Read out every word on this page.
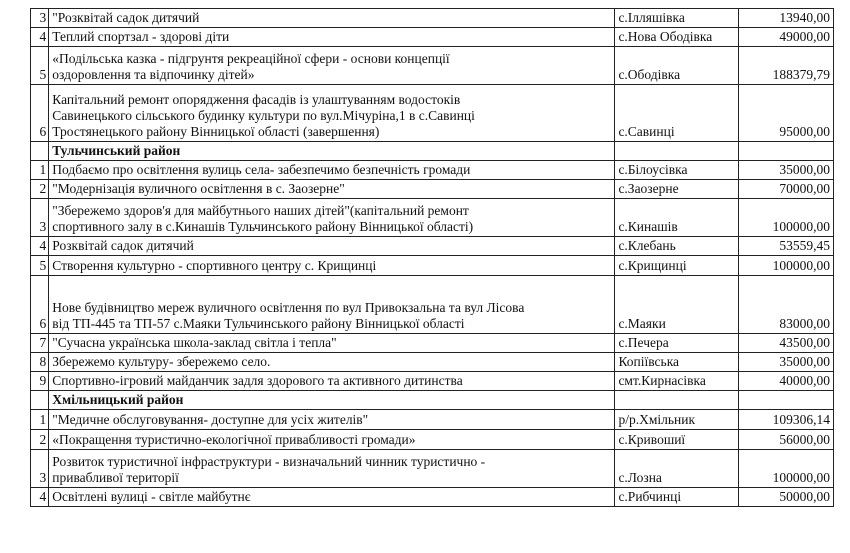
3	"Розквітай садок дитячий	с.Ілляшівка	13940,00
4	Теплий спортзал - здорові діти	с.Нова Ободівка	49000,00
5	«Подільська казка - підгрунтя рекреаційної сфери - основи концепції
оздоровлення та відпочинку дітей»	с.Ободівка	188379,79
6	Капітальний ремонт опорядження фасадів із улаштуванням водостоків
Савинецького сільського будинку культури по вул.Мічуріна,1 в с.Савинці
Тростянецького району Вінницької області (завершення)	с.Савинці	95000,00
	Тульчинський район		
1	Подбаємо про освітлення вулиць села- забезпечимо безпечність громади	с.Білоусівка	35000,00
2	"Модернізація вуличного освітлення в с. Заозерне"	с.Заозерне	70000,00
3	"Збережемо здоров'я для майбутнього наших дітей"(капітальний ремонт
спортивного залу в с.Кинашів Тульчинського району Вінницької області)	с.Кинашів	100000,00
4	Розквітай садок дитячий	с.Клебань	53559,45
5	Створення культурно - спортивного центру с. Крищинці	с.Крищинці	100000,00
6	Нове будівництво мереж вуличного освітлення по вул Привокзальна та вул Лісова
від ТП-445 та ТП-57 с.Маяки Тульчинського району Вінницької області	с.Маяки	83000,00
7	"Сучасна українська школа-заклад світла і тепла"	с.Печера	43500,00
8	Збережемо культуру- збережемо село.	Копіївська	35000,00
9	Спортивно-ігровий майданчик задля здорового та активного дитинства	смт.Кирнасівка	40000,00
	Хмільницький район		
1	"Медичне обслуговування- доступне для усіх жителів"	р/р.Хмільник	109306,14
2	«Покращення туристично-екологічної привабливості громади»	с.Кривошиї	56000,00
3	Розвиток туристичної інфраструктури - визначальний чинник туристично -
привабливої території	с.Лозна	100000,00
4	Освітлені вулиці - світле майбутнє	с.Рибчинці	50000,00
